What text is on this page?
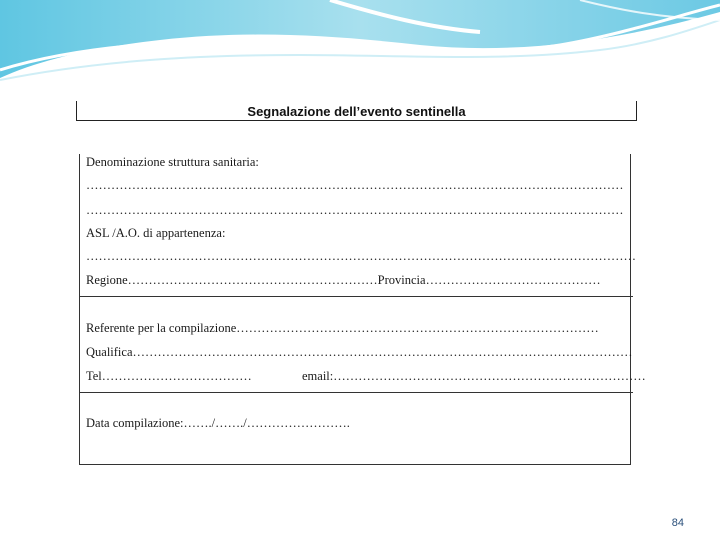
Segnalazione dell’evento sentinella
Denominazione struttura sanitaria:
…………………………………………………………………………………………………………………
…………………………………………………………………………………………………………………
ASL /A.O. di appartenenza:
……………………………………………………………………………………………………………………
Regione……………………………………………………Provincia……………………………………
Referente per la compilazione……………………………………………………………………………
Qualifica…………………………………………………………………………………………………………
Tel………………………………	email:…………………………………………………………………
Data compilazione:……./……./…………………….
84
